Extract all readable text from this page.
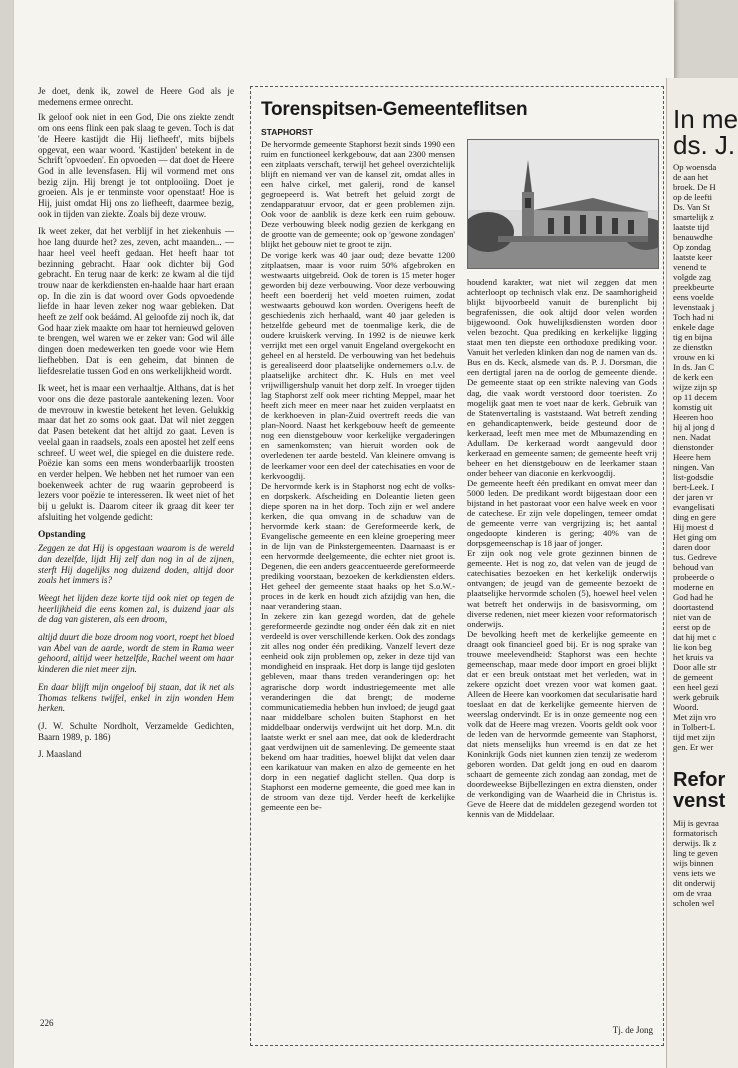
Je doet, denk ik, zowel de Heere God als je medemens ermee onrecht.

Ik geloof ook niet in een God, Die ons ziekte zendt om ons eens flink een pak slaag te geven. Toch is dat 'de Heere kastijdt die Hij liefheeft', mits bijbels opgevat, een waar woord. 'Kastijden' betekent in de Schrift 'opvoeden'. En opvoeden — dat doet de Heere God in alle levensfasen. Hij wil vormend met ons bezig zijn. Hij brengt je tot ontplooiing. Doet je groeien. Als je er tenminste voor openstaat! Hoe is Hij, juist omdat Hij ons zo liefheeft, daarmee bezig, ook in tijden van ziekte. Zoals bij deze vrouw.

Ik weet zeker, dat het verblijf in het ziekenhuis — hoe lang duurde het? zes, zeven, acht maanden... — haar heel veel heeft gedaan. Het heeft haar tot bezinning gebracht. Haar ook dichter bij God gebracht. En terug naar de kerk: ze kwam al die tijd trouw naar de kerkdiensten en-haalde haar hart eraan op. In die zin is dat woord over Gods opvoedende liefde in haar leven zeker nog waar gebleken. Dat heeft ze zelf ook beáámd. Al geloofde zij noch ik, dat God haar ziek maakte om haar tot hernieuwd geloven te brengen, wel waren we er zeker van: God wil álle dingen doen medewerken ten goede voor wie Hem liefhebben. Dat is een geheim, dat binnen de liefdesrelatie tussen God en ons werkelijkheid wordt.

Ik weet, het is maar een verhaaltje. Althans, dat is het voor ons die deze pastorale aantekening lezen. Voor de mevrouw in kwestie betekent het leven. Gelukkig maar dat het zo soms ook gaat. Dat wil niet zeggen dat Pasen betekent dat het altijd zo gaat. Leven is veelal gaan in raadsels, zoals een apostel het zelf eens schreef. U weet wel, die spiegel en die duistere rede. Poëzie kan soms een mens wonderbaarlijk troosten en verder helpen. We hebben net het rumoer van een boekenweek achter de rug waarin geprobeerd is lezers voor poëzie te interesseren. Ik weet niet of het bij u gelukt is. Daarom citeer ik graag dit keer ter afsluiting het volgende gedicht:

Opstanding

Zeggen ze dat Hij is opgestaan waarom is de wereld dan dezelfde, lijdt Hij zelf dan nog in al de zijnen, sterft Hij dagelijks nog duizend doden, altijd door zoals het immers is?

Weegt het lijden deze korte tijd ook niet op tegen de heerlijkheid die eens komen zal, is duizend jaar als de dag van gisteren, als een droom,

altijd duurt die boze droom nog voort, roept het bloed van Abel van de aarde, wordt de stem in Rama weer gehoord, altijd weer hetzelfde, Rachel weent om haar kinderen die niet meer zijn.

En daar blijft mijn ongeloof bij staan, dat ik net als Thomas telkens twijfel, enkel in zijn wonden Hem herken.

(J. W. Schulte Nordholt, Verzamelde Gedichten, Baarn 1989, p. 186)

J. Maasland

Torenspitsen-Gemeenteflitsen
STAPHORST

De hervormde gemeente Staphorst bezit sinds 1990 een ruim en functioneel kerkgebouw, dat aan 2300 mensen een zitplaats verschaft, terwijl het geheel overzichtelijk blijft en niemand ver van de kansel zit, omdat alles in een halve cirkel, met galerij, rond de kansel gegroepeerd is. Wat betreft het geluid zorgt de zendapparatuur ervoor, dat er geen problemen zijn. Ook voor de aanblik is deze kerk een ruim gebouw. Deze verbouwing bleek nodig gezien de kerkgang en de grootte van de gemeente; ook op 'gewone zondagen' blijkt het gebouw niet te groot te zijn.

De vorige kerk was 40 jaar oud; deze bevatte 1200 zitplaatsen, maar is voor ruim 50% afgebroken en westwaarts uitgebreid. Ook de toren is 15 meter hoger geworden bij deze verbouwing. Voor deze verbouwing heeft een boerderij het veld moeten ruimen, zodat westwaarts gebouwd kon worden. Overigens heeft de geschiedenis zich herhaald, want 40 jaar geleden is hetzelfde gebeurd met de toenmalige kerk, die de oudere kruiskerk verving. In 1992 is de nieuwe kerk verrijkt met een orgel vanuit Engeland overgekocht en geheel en al hersteld. De verbouwing van het bedehuis is gerealiseerd door plaatselijke ondernemers o.l.v. de plaatselijke architect dhr. K. Huls en met veel vrijwilligershulp vanuit het dorp zelf. In vroeger tijden lag Staphorst zelf ook meer richting Meppel, maar het heeft zich meer en meer naar het zuiden verplaatst en de kerkhoeven in plan-Zuid overtreft reeds die van plan-Noord. Naast het kerkgebouw heeft de gemeente nog een dienstgebouw voor kerkelijke vergaderingen en samenkomsten; van hieruit worden ook de overledenen ter aarde besteld. Van kleinere omvang is de leerkamer voor een deel der catechisaties en voor de kerkvoogdij.

De hervormde kerk is in Staphorst nog echt de volks- en dorpskerk. Afscheiding en Doleantie lieten geen diepe sporen na in het dorp. Toch zijn er wel andere kerken, die qua omvang in de schaduw van de hervormde kerk staan: de Gereformeerde kerk, de Evangelische gemeente en een kleine groepering meer in de lijn van de Pinkstergemeenten. Daarnaast is er een hervormde deelgemeente, die echter niet groot is. Degenen, die een anders geaccentueerde gereformeerde prediking voorstaan, bezoeken de kerkdiensten elders. Het geheel der gemeente staat haaks op het S.o.W.-proces in de kerk en houdt zich afzijdig van hen, die naar verandering staan.

In zekere zin kan gezegd worden, dat de gehele gereformeerde gezindte nog onder één dak zit en niet verdeeld is over verschillende kerken. Ook des zondags zit alles nog onder één prediking. Vanzelf levert deze eenheid ook zijn problemen op, zeker in deze tijd van mondigheid en inspraak. Het dorp is lange tijd gesloten gebleven, maar thans treden veranderingen op: het agrarische dorp wordt industriegemeente met alle veranderingen die dat brengt; de moderne communicatiemedia hebben hun invloed; de jeugd gaat naar middelbare scholen buiten Staphorst en het middelbaar onderwijs verdwijnt uit het dorp. M.n. dit laatste werkt er snel aan mee, dat ook de klederdracht gaat verdwijnen uit de samenleving. De gemeente staat bekend om haar tradities, hoewel blijkt dat velen daar een karikatuur van maken en alzo de gemeente en het dorp in een negatief daglicht stellen. Qua dorp is Staphorst een moderne gemeente, die goed mee kan in de stroom van deze tijd. Verder heeft de kerkelijke gemeente een be-

houdend karakter, wat niet wil zeggen dat men achterloopt op technisch vlak enz. De saamhorigheid blijkt bijvoorbeeld vanuit de burenplicht bij begrafenissen, die ook altijd door velen worden bijgewoond. Ook huwelijksdiensten worden door velen bezocht. Qua prediking en kerkelijke ligging staat men ten diepste een orthodoxe prediking voor. Vanuit het verleden klinken dan nog de namen van ds. Bus en ds. Keck, alsmede van ds. P. J. Dorsman, die een dertigtal jaren na de oorlog de gemeente diende. De gemeente staat op een strikte naleving van Gods dag, die vaak wordt verstoord door toeristen. Zo mogelijk gaat men te voet naar de kerk. Gebruik van de Statenvertaling is vaststaand. Wat betreft zending en gehandicaptenwerk, beide gesteund door de kerkeraad, leeft men mee met de Mbumazending en Adullam. De kerkeraad wordt aangevuld door kerkeraad en gemeente samen; de gemeente heeft vrij beheer en het dienstgebouw en de leerkamer staan onder beheer van diaconie en kerkvoogdij.

De gemeente heeft één predikant en omvat meer dan 5000 leden. De predikant wordt bijgestaan door een bijstand in het pastoraat voor een halve week en voor de catechese. Er zijn vele dopelingen, temeer omdat de gemeente verre van vergrijzing is; het aantal ongedoopte kinderen is gering; 40% van de dorpsgemeenschap is 18 jaar of jonger.

Er zijn ook nog vele grote gezinnen binnen de gemeente. Het is nog zo, dat velen van de jeugd de catechisaties bezoeken en het kerkelijk onderwijs ontvangen; de jeugd van de gemeente bezoekt de plaatselijke hervormde scholen (5), hoewel heel velen wat betreft het onderwijs in de basisvorming, om diverse redenen, niet meer kiezen voor reformatorisch onderwijs.

De bevolking heeft met de kerkelijke gemeente en draagt ook financieel goed bij. Er is nog sprake van trouwe meelevendheid: Staphorst was een hechte gemeenschap, maar mede door import en groei blijkt dat er een breuk ontstaat met het verleden, wat in zekere opzicht doet vrezen voor wat komen gaat. Alleen de Heere kan voorkomen dat secularisatie hard toeslaat en dat de kerkelijke gemeente hierven de weerslag ondervindt. Er is in onze gemeente nog een volk dat de Heere mag vrezen. Voorts geldt ook voor de leden van de hervormde gemeente van Staphorst, dat niets menselijks hun vreemd is en dat ze het Koninkrijk Gods niet kunnen zien tenzij ze wederom geboren worden. Dat geldt jong en oud en daarom schaart de gemeente zich zondag aan zondag, met de doordeweekse Bijbellezingen en extra diensten, onder de verkondiging van de Waarheid die in Christus is. Geve de Heere dat de middelen gezegend worden tot kennis van de Middelaar.

Tj. de Jong
226
In me
ds. J.
Op woensda
de aan het
broek. De H
op de leefti
Ds. Van St
smartelijk z
laatste tijd
benauwdhe
Op zondag
laatste keer
venend te
volgde zag
preekbeurte
eens voelde
levenstaak j
Toch had ni
enkele dage
tig en bijna
ze dienstkn
vrouw en ki
In ds. Jan C
de kerk een
wijze zijn sp
op 11 decem
komstig uit
Heeren hoo
hij al jong d
nen. Nadat
dienstonder
Heere hem
ningen. Van
list-godsdie
bert-Leek. I
der jaren vr
evangelisati
ding en gere
Hij moest d
Het ging om
daren door
tus. Gedreve
behoud van
probeerde o
moderne en
God had he
doortastend
niet van de
eerst op de
dat hij met c
lie kon beg
het kruis va
Door alle str
de gemeent
een heel gezi
werk gebruik
Woord.
Met zijn vro
in Tolbert-L
tijd met zijn
gen. Er wer
Refor
venst
Mij is gevraa
formatorisch
derwijs. Ik z
ling te geven
wijs binnen
vens iets we
dit onderwij
om de vraa
scholen wel
